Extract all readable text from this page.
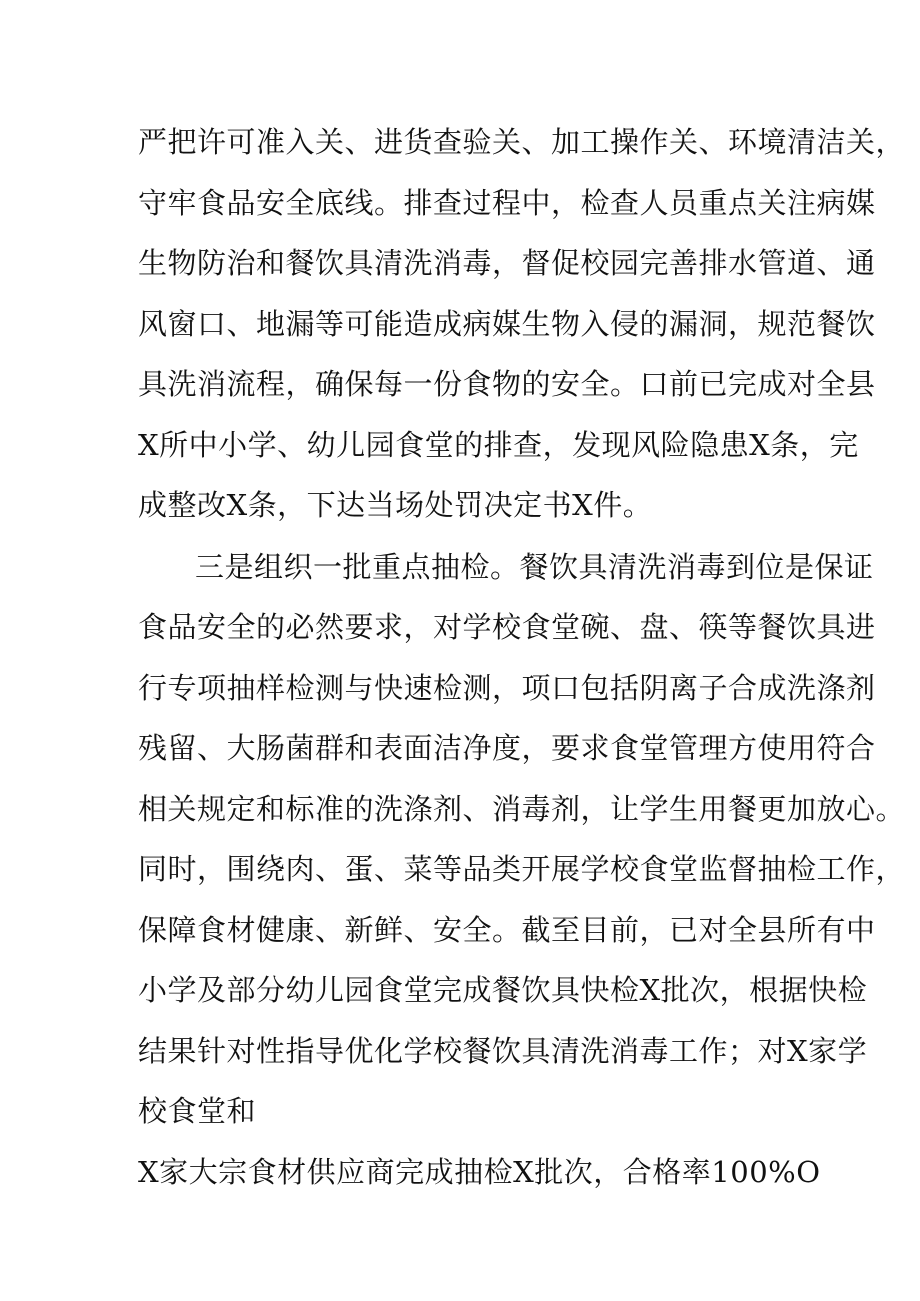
严把许可准入关、进货查验关、加工操作关、环境清洁关，
守牢食品安全底线。排查过程中，检查人员重点关注病媒
生物防治和餐饮具清洗消毒，督促校园完善排水管道、通
风窗口、地漏等可能造成病媒生物入侵的漏洞，规范餐饮
具洗消流程，确保每一份食物的安全。口前已完成对全县
X所中小学、幼儿园食堂的排查，发现风险隐患X条，完
成整改X条，下达当场处罚决定书X件。
三是组织一批重点抽检。餐饮具清洗消毒到位是保证
食品安全的必然要求，对学校食堂碗、盘、筷等餐饮具进
行专项抽样检测与快速检测，项口包括阴离子合成洗涤剂
残留、大肠菌群和表面洁净度，要求食堂管理方使用符合
相关规定和标准的洗涤剂、消毒剂，让学生用餐更加放心。
同时，围绕肉、蛋、菜等品类开展学校食堂监督抽检工作，
保障食材健康、新鲜、安全。截至目前，已对全县所有中
小学及部分幼儿园食堂完成餐饮具快检X批次，根据快检
结果针对性指导优化学校餐饮具清洗消毒工作；对X家学
校食堂和
X家大宗食材供应商完成抽检X批次，合格率100%O
